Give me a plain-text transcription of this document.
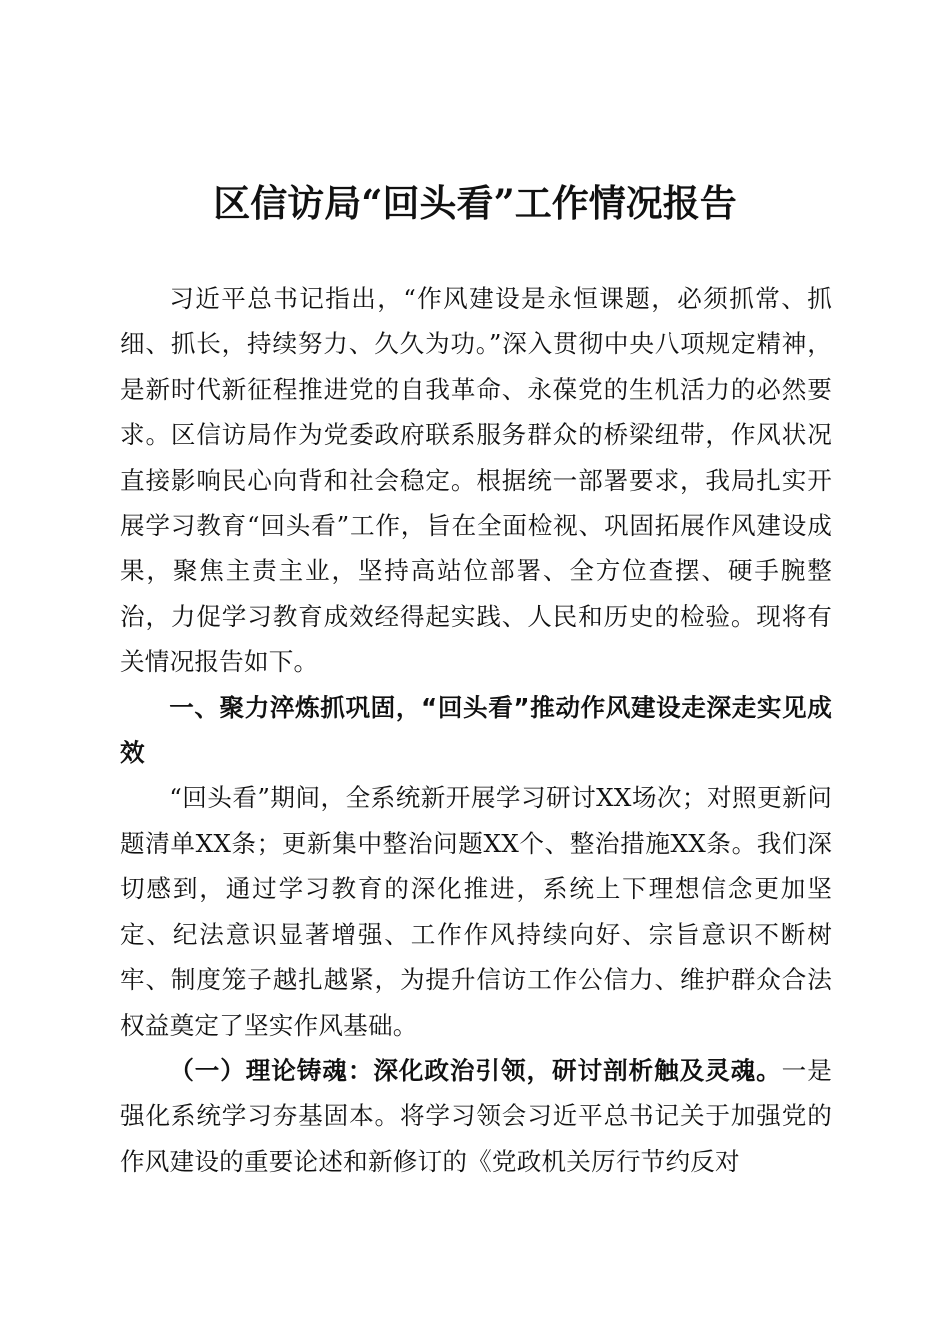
区信访局“回头看”工作情况报告

习近平总书记指出，“作风建设是永恒课题，必须抓常、抓细、抓长，持续努力、久久为功。”深入贯彻中央八项规定精神，是新时代新征程推进党的自我革命、永葆党的生机活力的必然要求。区信访局作为党委政府联系服务群众的桥梁纽带，作风状况直接影响民心向背和社会稳定。根据统一部署要求，我局扎实开展学习教育“回头看”工作，旨在全面检视、巩固拓展作风建设成果，聚焦主责主业，坚持高站位部署、全方位查摆、硬手腕整治，力促学习教育成效经得起实践、人民和历史的检验。现将有关情况报告如下。

一、聚力淬炼抓巩固，“回头看”推动作风建设走深走实见成效

“回头看”期间，全系统新开展学习研讨XX场次；对照更新问题清单XX条；更新集中整治问题XX个、整治措施XX条。我们深切感到，通过学习教育的深化推进，系统上下理想信念更加坚定、纪法意识显著增强、工作作风持续向好、宗旨意识不断树牢、制度笼子越扎越紧，为提升信访工作公信力、维护群众合法权益奠定了坚实作风基础。

（一）理论铸魂：深化政治引领，研讨剖析触及灵魂。一是强化系统学习夯基固本。将学习领会习近平总书记关于加强党的作风建设的重要论述和新修订的《党政机关厉行节约反对
